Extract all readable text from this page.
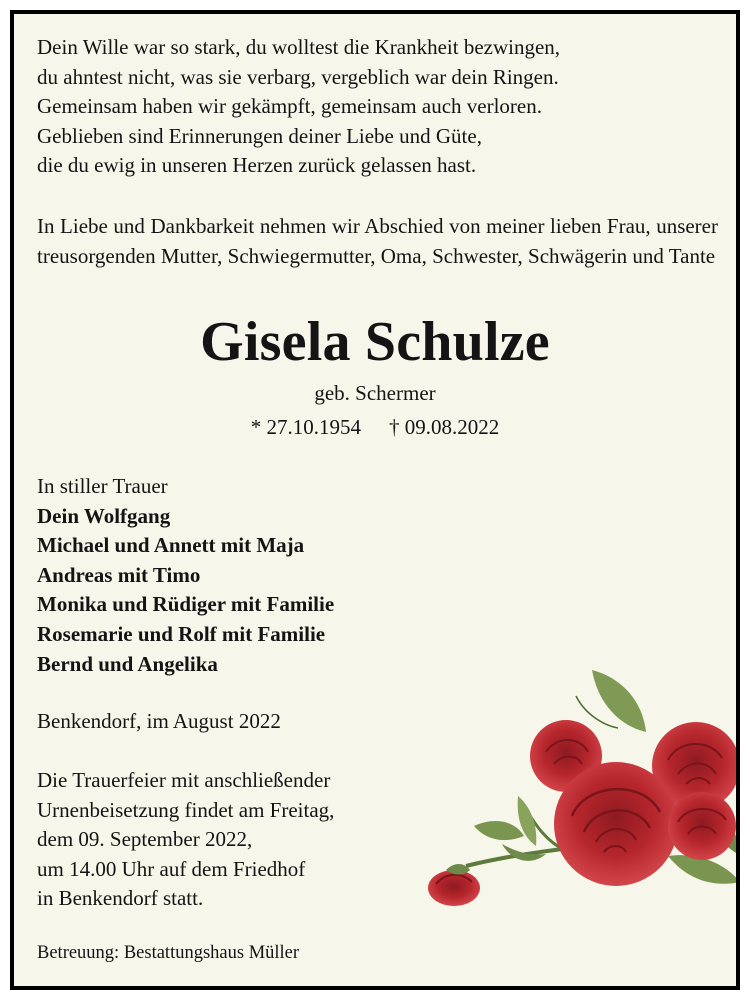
Dein Wille war so stark, du wolltest die Krankheit bezwingen,
du ahntest nicht, was sie verbarg, vergeblich war dein Ringen.
Gemeinsam haben wir gekämpft, gemeinsam auch verloren.
Geblieben sind Erinnerungen deiner Liebe und Güte,
die du ewig in unseren Herzen zurück gelassen hast.
In Liebe und Dankbarkeit nehmen wir Abschied von meiner lieben Frau, unserer treusorgenden Mutter, Schwiegermutter, Oma, Schwester, Schwägerin und Tante
Gisela Schulze
geb. Schermer
* 27.10.1954 † 09.08.2022
In stiller Trauer
Dein Wolfgang
Michael und Annett mit Maja
Andreas mit Timo
Monika und Rüdiger mit Familie
Rosemarie und Rolf mit Familie
Bernd und Angelika
Benkendorf, im August 2022
Die Trauerfeier mit anschließender
Urnenbeisetzung findet am Freitag,
dem 09. September 2022,
um 14.00 Uhr auf dem Friedhof
in Benkendorf statt.
Betreuung: Bestattungshaus Müller
